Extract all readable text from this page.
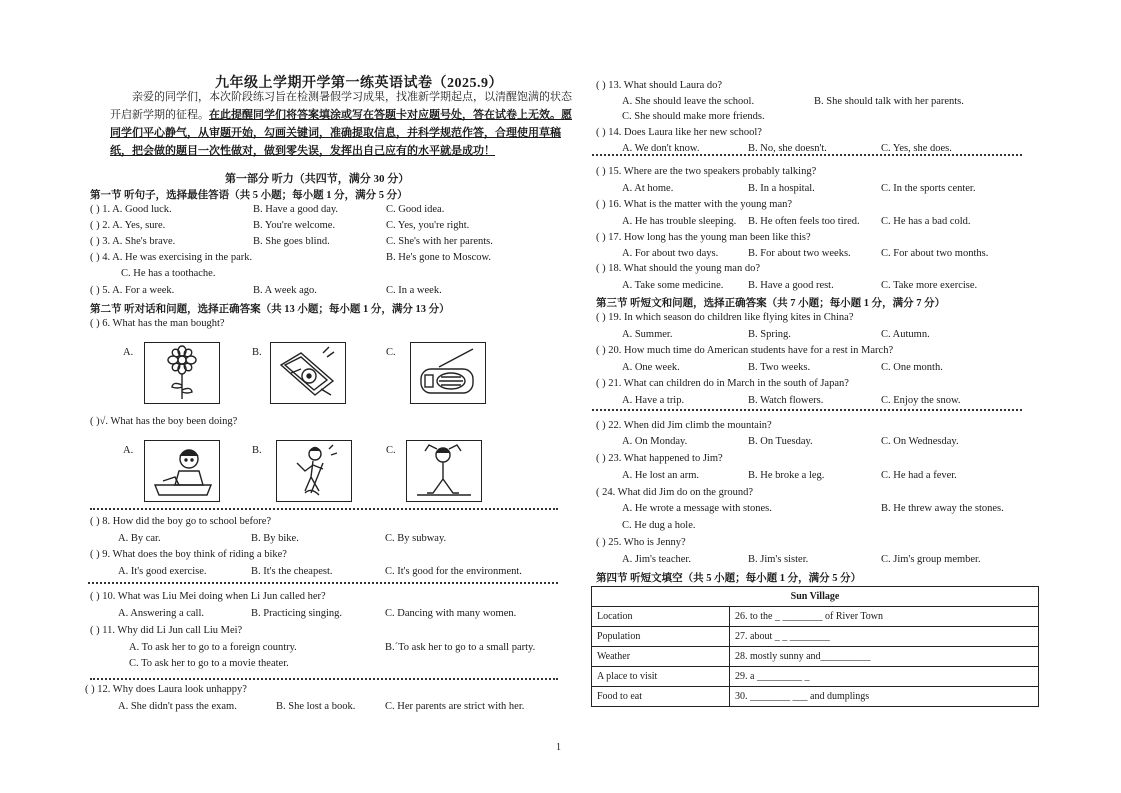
九年级上学期开学第一练英语试卷（2025.9）
亲爱的同学们，本次阶段练习旨在检测暑假学习成果，找准新学期起点，以清醒饱满的状态开启新学期的征程。在此提醒同学们将答案填涂或写在答题卡对应题号处，答在试卷上无效。愿同学们平心静气，从审题开始，勾画关键词，准确提取信息，并科学规范作答，合理使用草稿纸，把会做的题目一次性做对，做到零失误，发挥出自己应有的水平就是成功！
第一部分 听力（共四节，满分 30 分）
第一节 听句子，选择最佳答语（共 5 小题；每小题 1 分，满分 5 分）
( ) 1. A. Good luck.	B. Have a good day.	C. Good idea.
( ) 2. A. Yes, sure.	B. You're welcome.	C. Yes, you're right.
( ) 3. A. She's brave.	B. She goes blind.	C. She's with her parents.
( ) 4. A. He was exercising in the park.	B. He's gone to Moscow.
C. He has a toothache.
( ) 5. A. For a week.	B. A week ago.	C. In a week.
第二节 听对话和问题，选择正确答案（共 13 小题；每小题 1 分，满分 13 分）
( ) 6. What has the man bought?
A.	B.	C.
( )√. What has the boy been doing?
A.	B.	C.
( ) 8. How did the boy go to school before?
A. By car.	B. By bike.	C. By subway.
( ) 9. What does the boy think of riding a bike?
A. It's good exercise.	B. It's the cheapest.	C. It's good for the environment.
( ) 10. What was Liu Mei doing when Li Jun called her?
A. Answering a call.	B. Practicing singing.	C. Dancing with many women.
( ) 11. Why did Li Jun call Liu Mei?
A. To ask her to go to a foreign country.	B.´To ask her to go to a small party.
C. To ask her to go to a movie theater.
( ) 12. Why does Laura look unhappy?
A. She didn't pass the exam.	B. She lost a book.	C. Her parents are strict with her.
( ) 13. What should Laura do?
A. She should leave the school.	B. She should talk with her parents.
C. She should make more friends.
( ) 14. Does Laura like her new school?
A. We don't know.	B. No, she doesn't.	C. Yes, she does.
( ) 15. Where are the two speakers probably talking?
A. At home.	B. In a hospital.	C. In the sports center.
( ) 16. What is the matter with the young man?
A. He has trouble sleeping. B. He often feels too tired. C. He has a bad cold.
( ) 17. How long has the young man been like this?
A. For about two days.	B. For about two weeks.	C. For about two months.
( ) 18. What should the young man do?
A. Take some medicine. B. Have a good rest.	C. Take more exercise.
第三节 听短文和问题，选择正确答案（共 7 小题；每小题 1 分，满分 7 分）
( ) 19. In which season do children like flying kites in China?
A. Summer.	B. Spring.	C. Autumn.
( ) 20. How much time do American students have for a rest in March?
A. One week.	B. Two weeks.	C. One month.
( ) 21. What can children do in March in the south of Japan?
A. Have a trip.	B. Watch flowers.	C. Enjoy the snow.
( ) 22. When did Jim climb the mountain?
A. On Monday.	B. On Tuesday.	C. On Wednesday.
( ) 23. What happened to Jim?
A. He lost an arm.	B. He broke a leg.	C. He had a fever.
( 24. What did Jim do on the ground?
A. He wrote a message with stones.	B. He threw away the stones.
C. He dug a hole.
( ) 25. Who is Jenny?
A. Jim's teacher.	B. Jim's sister.	C. Jim's group member.
第四节 听短文填空（共 5 小题；每小题 1 分，满分 5 分）
Sun Village	
Location	26. to the _ ________ of River Town
Population	27. about _ _ ________
Weather	28. mostly sunny and__________
A place to visit	29. a _________ _
Food to eat	30. ________ ___ and dumplings
1
